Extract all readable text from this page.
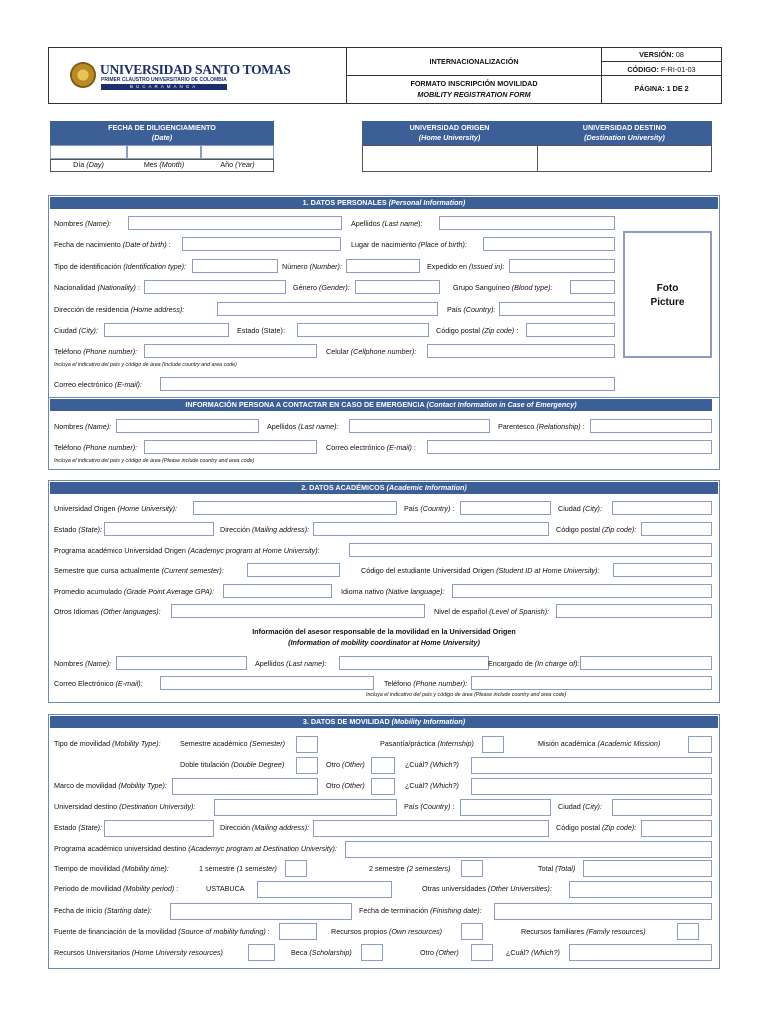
UNIVERSIDAD SANTO TOMAS
PRIMER CLAUSTRO UNIVERSITARIO DE COLOMBIA
BUCARAMANGA
INTERNACIONALIZACIÓN
FORMATO INSCRIPCIÓN MOVILIDAD
MOBILITY REGISTRATION FORM
VERSIÓN: 08
CÓDIGO: F-RI-01-03
PÁGINA: 1 DE 2
FECHA DE DILIGENCIAMIENTO
(Date)
Día (Day)	Mes (Month)	Año (Year)
UNIVERSIDAD ORIGEN
(Home University)
UNIVERSIDAD DESTINO
(Destination University)
1. DATOS PERSONALES (Personal Information)
Nombres (Name):	Apellidos (Last name):
Fecha de nacimiento (Date of birth) :	Lugar de nacimiento (Place of birth):
Tipo de identificación (Identification type):	Número (Number):	Expedido en (Issued in):
Nacionalidad (Nationality) :	Género (Gender):	Grupo Sanguíneo (Blood type):
Dirección de residencia (Home address):	País (Country):
Ciudad (City):	Estado (State):	Código postal (Zip code) :
Teléfono (Phone number):	Celular (Cellphone number):
Incluya el indicativo del país y código de área (Include country and area code)
Correo electrónico (E-mail):
Foto
Picture
INFORMACIÓN PERSONA A CONTACTAR EN CASO DE EMERGENCIA (Contact Information in Case of Emergency)
Nombres (Name):	Apellidos (Last name):	Parentesco (Relationship) :
Teléfono (Phone number):	Correo electrónico (E-mail) :
Incluya el indicativo del país y código de área (Please include country and area code)
2. DATOS ACADÉMICOS (Academic Information)
Universidad Origen (Home University):	País (Country) :	Ciudad (City):
Estado (State):	Dirección (Mailing address):	Código postal (Zip code):
Programa académico Universidad Origen (Academyc program at Home University):
Semestre que cursa actualmente (Current semester):	Código del estudiante Universidad Origen (Student ID at Home University):
Promedio acumulado (Grade Point Average GPA):	Idioma nativo (Native language):
Otros Idiomas (Other languages):	Nivel de español (Level of Spanish):
Información del asesor responsable de la movilidad en la Universidad Origen
(Information of mobility coordinator at Home University)
Nombres (Name):	Apellidos (Last name):	Encargado de (In charge of):
Correo Electrónico (E-mail):	Teléfono (Phone number):
Incluya el indicativo del país y código de área (Please include country and area code)
3. DATOS DE MOVILIDAD (Mobility Information)
Tipo de movilidad (Mobility Type):	Semestre académico (Semester)	Pasantía/práctica (Internship)	Misión académica (Academic Mission)
Doble titulación (Double Degree)	Otro (Other)	¿Cuál? (Which?)
Marco de movilidad (Mobility Type):	Otro (Other)	¿Cuál? (Which?)
Universidad destino (Destination University):	País (Country) :	Ciudad (City):
Estado (State):	Dirección (Mailing address):	Código postal (Zip code):
Programa académico universidad destino (Academyc program at Destination University):
Tiempo de movilidad (Mobility time):	1 semestre (1 semester)	2 semestre (2 semesters)	Total (Total)
Periodo de movilidad (Mobility period) :	USTABUCA	Otras universidades (Other Universities):
Fecha de inicio (Starting date):	Fecha de terminación (Finishing date):
Fuente de financiación de la movilidad (Source of mobility funding) :	Recursos propios (Own resources)	Recursos familiares (Family resources)
Recursos Universitarios (Home University resources)	Beca (Scholarship)	Otro (Other)	¿Cuál? (Which?)
